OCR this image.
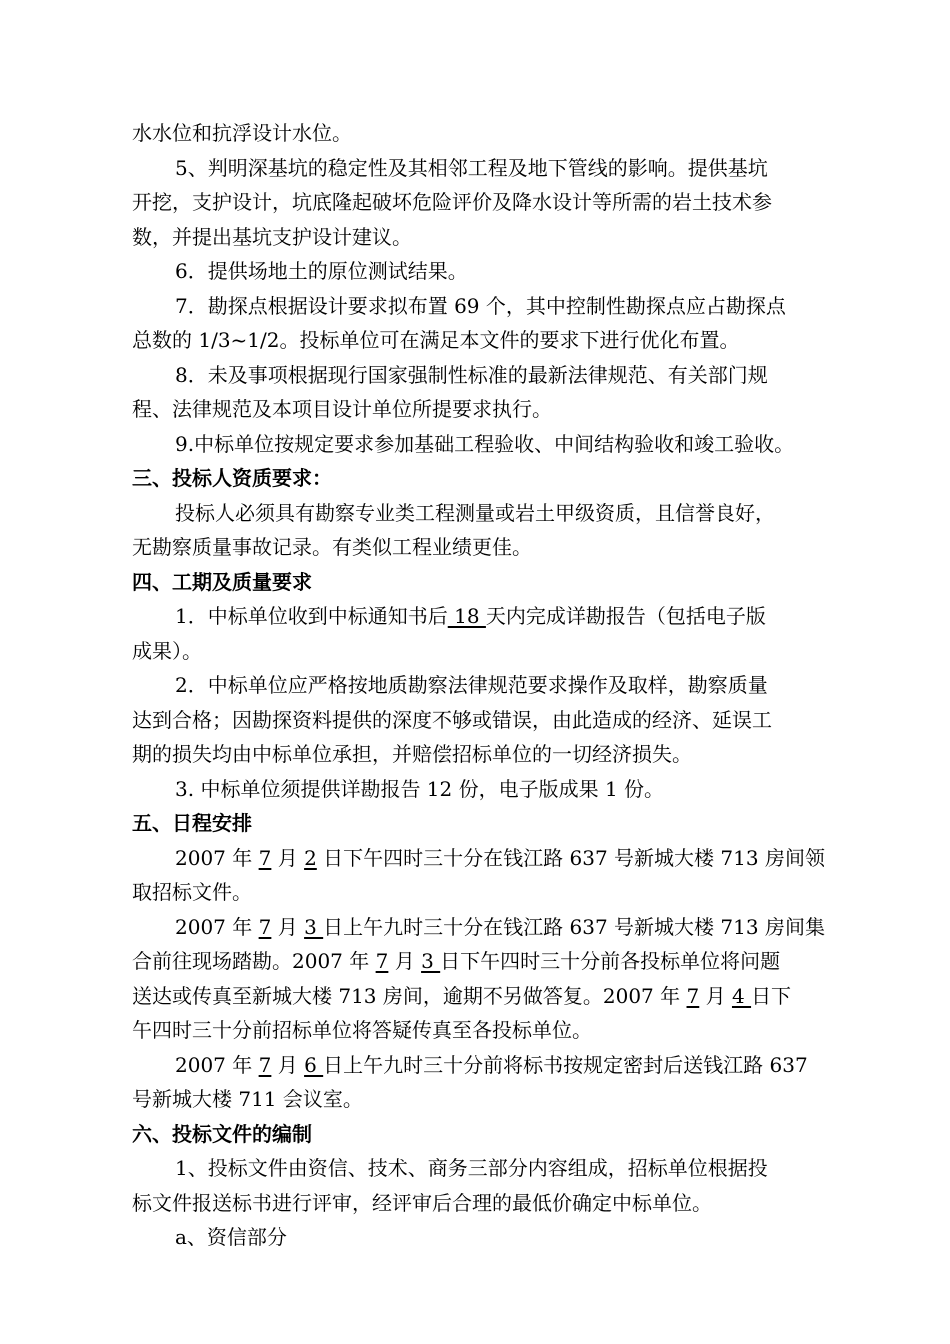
水水位和抗浮设计水位。
5、判明深基坑的稳定性及其相邻工程及地下管线的影响。提供基坑
开挖，支护设计，坑底隆起破坏危险评价及降水设计等所需的岩土技术参
数，并提出基坑支护设计建议。
6．提供场地土的原位测试结果。
7．勘探点根据设计要求拟布置 69 个，其中控制性勘探点应占勘探点
总数的 1/3~1/2。投标单位可在满足本文件的要求下进行优化布置。
8．未及事项根据现行国家强制性标准的最新法律规范、有关部门规
程、法律规范及本项目设计单位所提要求执行。
9.中标单位按规定要求参加基础工程验收、中间结构验收和竣工验收。
三、投标人资质要求：
投标人必须具有勘察专业类工程测量或岩土甲级资质，且信誉良好，
无勘察质量事故记录。有类似工程业绩更佳。
四、工期及质量要求
1．中标单位收到中标通知书后 18 天内完成详勘报告（包括电子版
成果）。
2．中标单位应严格按地质勘察法律规范要求操作及取样，勘察质量
达到合格；因勘探资料提供的深度不够或错误，由此造成的经济、延误工
期的损失均由中标单位承担，并赔偿招标单位的一切经济损失。
3. 中标单位须提供详勘报告 12 份，电子版成果 1 份。
五、日程安排
2007 年 7 月 2 日下午四时三十分在钱江路 637 号新城大楼 713 房间领
取招标文件。
2007 年 7 月 3 日上午九时三十分在钱江路 637 号新城大楼 713 房间集
合前往现场踏勘。2007 年 7 月 3 日下午四时三十分前各投标单位将问题
送达或传真至新城大楼 713 房间，逾期不另做答复。2007 年 7 月 4 日下
午四时三十分前招标单位将答疑传真至各投标单位。
2007 年 7 月 6 日上午九时三十分前将标书按规定密封后送钱江路 637
号新城大楼 711 会议室。
六、投标文件的编制
1、投标文件由资信、技术、商务三部分内容组成，招标单位根据投
标文件报送标书进行评审，经评审后合理的最低价确定中标单位。
a、资信部分
